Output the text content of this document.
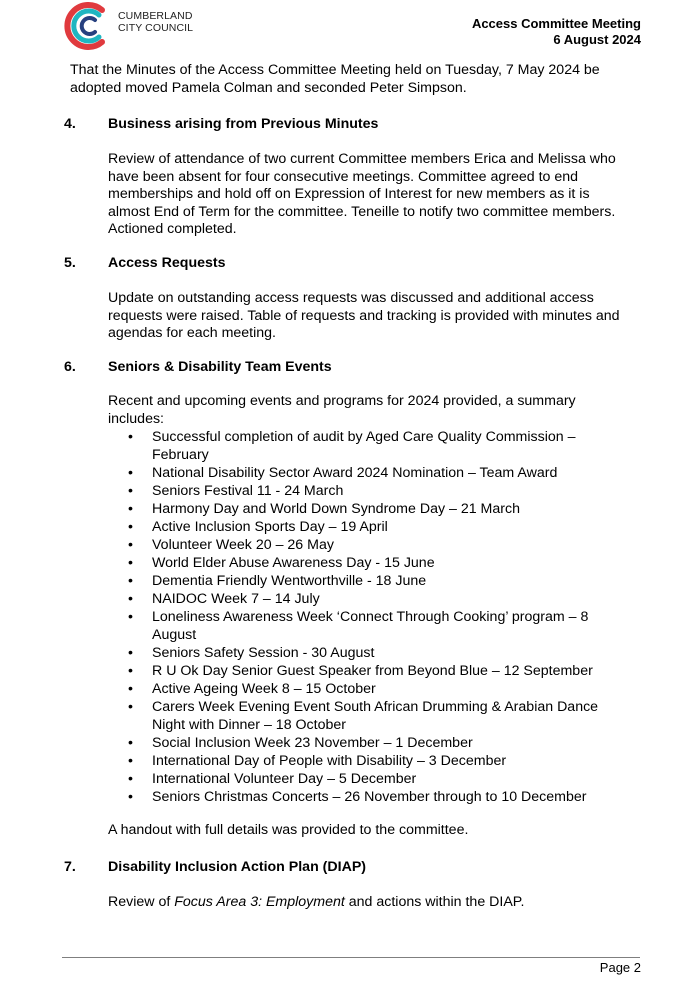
CUMBERLAND
CITY COUNCIL	Access Committee Meeting
6 August 2024
That the Minutes of the Access Committee Meeting held on Tuesday, 7 May 2024 be adopted moved Pamela Colman and seconded Peter Simpson.
4. Business arising from Previous Minutes
Review of attendance of two current Committee members Erica and Melissa who have been absent for four consecutive meetings. Committee agreed to end memberships and hold off on Expression of Interest for new members as it is almost End of Term for the committee. Teneille to notify two committee members. Actioned completed.
5. Access Requests
Update on outstanding access requests was discussed and additional access requests were raised. Table of requests and tracking is provided with minutes and agendas for each meeting.
6. Seniors & Disability Team Events
Recent and upcoming events and programs for 2024 provided, a summary includes:
• Successful completion of audit by Aged Care Quality Commission – February
• National Disability Sector Award 2024 Nomination – Team Award
• Seniors Festival 11 - 24 March
• Harmony Day and World Down Syndrome Day – 21 March
• Active Inclusion Sports Day – 19 April
• Volunteer Week 20 – 26 May
• World Elder Abuse Awareness Day - 15 June
• Dementia Friendly Wentworthville - 18 June
• NAIDOC Week 7 – 14 July
• Loneliness Awareness Week ‘Connect Through Cooking’ program – 8 August
• Seniors Safety Session - 30 August
• R U Ok Day Senior Guest Speaker from Beyond Blue – 12 September
• Active Ageing Week 8 – 15 October
• Carers Week Evening Event South African Drumming & Arabian Dance Night with Dinner – 18 October
• Social Inclusion Week 23 November – 1 December
• International Day of People with Disability – 3 December
• International Volunteer Day – 5 December
• Seniors Christmas Concerts – 26 November through to 10 December
A handout with full details was provided to the committee.
7. Disability Inclusion Action Plan (DIAP)
Review of Focus Area 3: Employment and actions within the DIAP.
Page 2
